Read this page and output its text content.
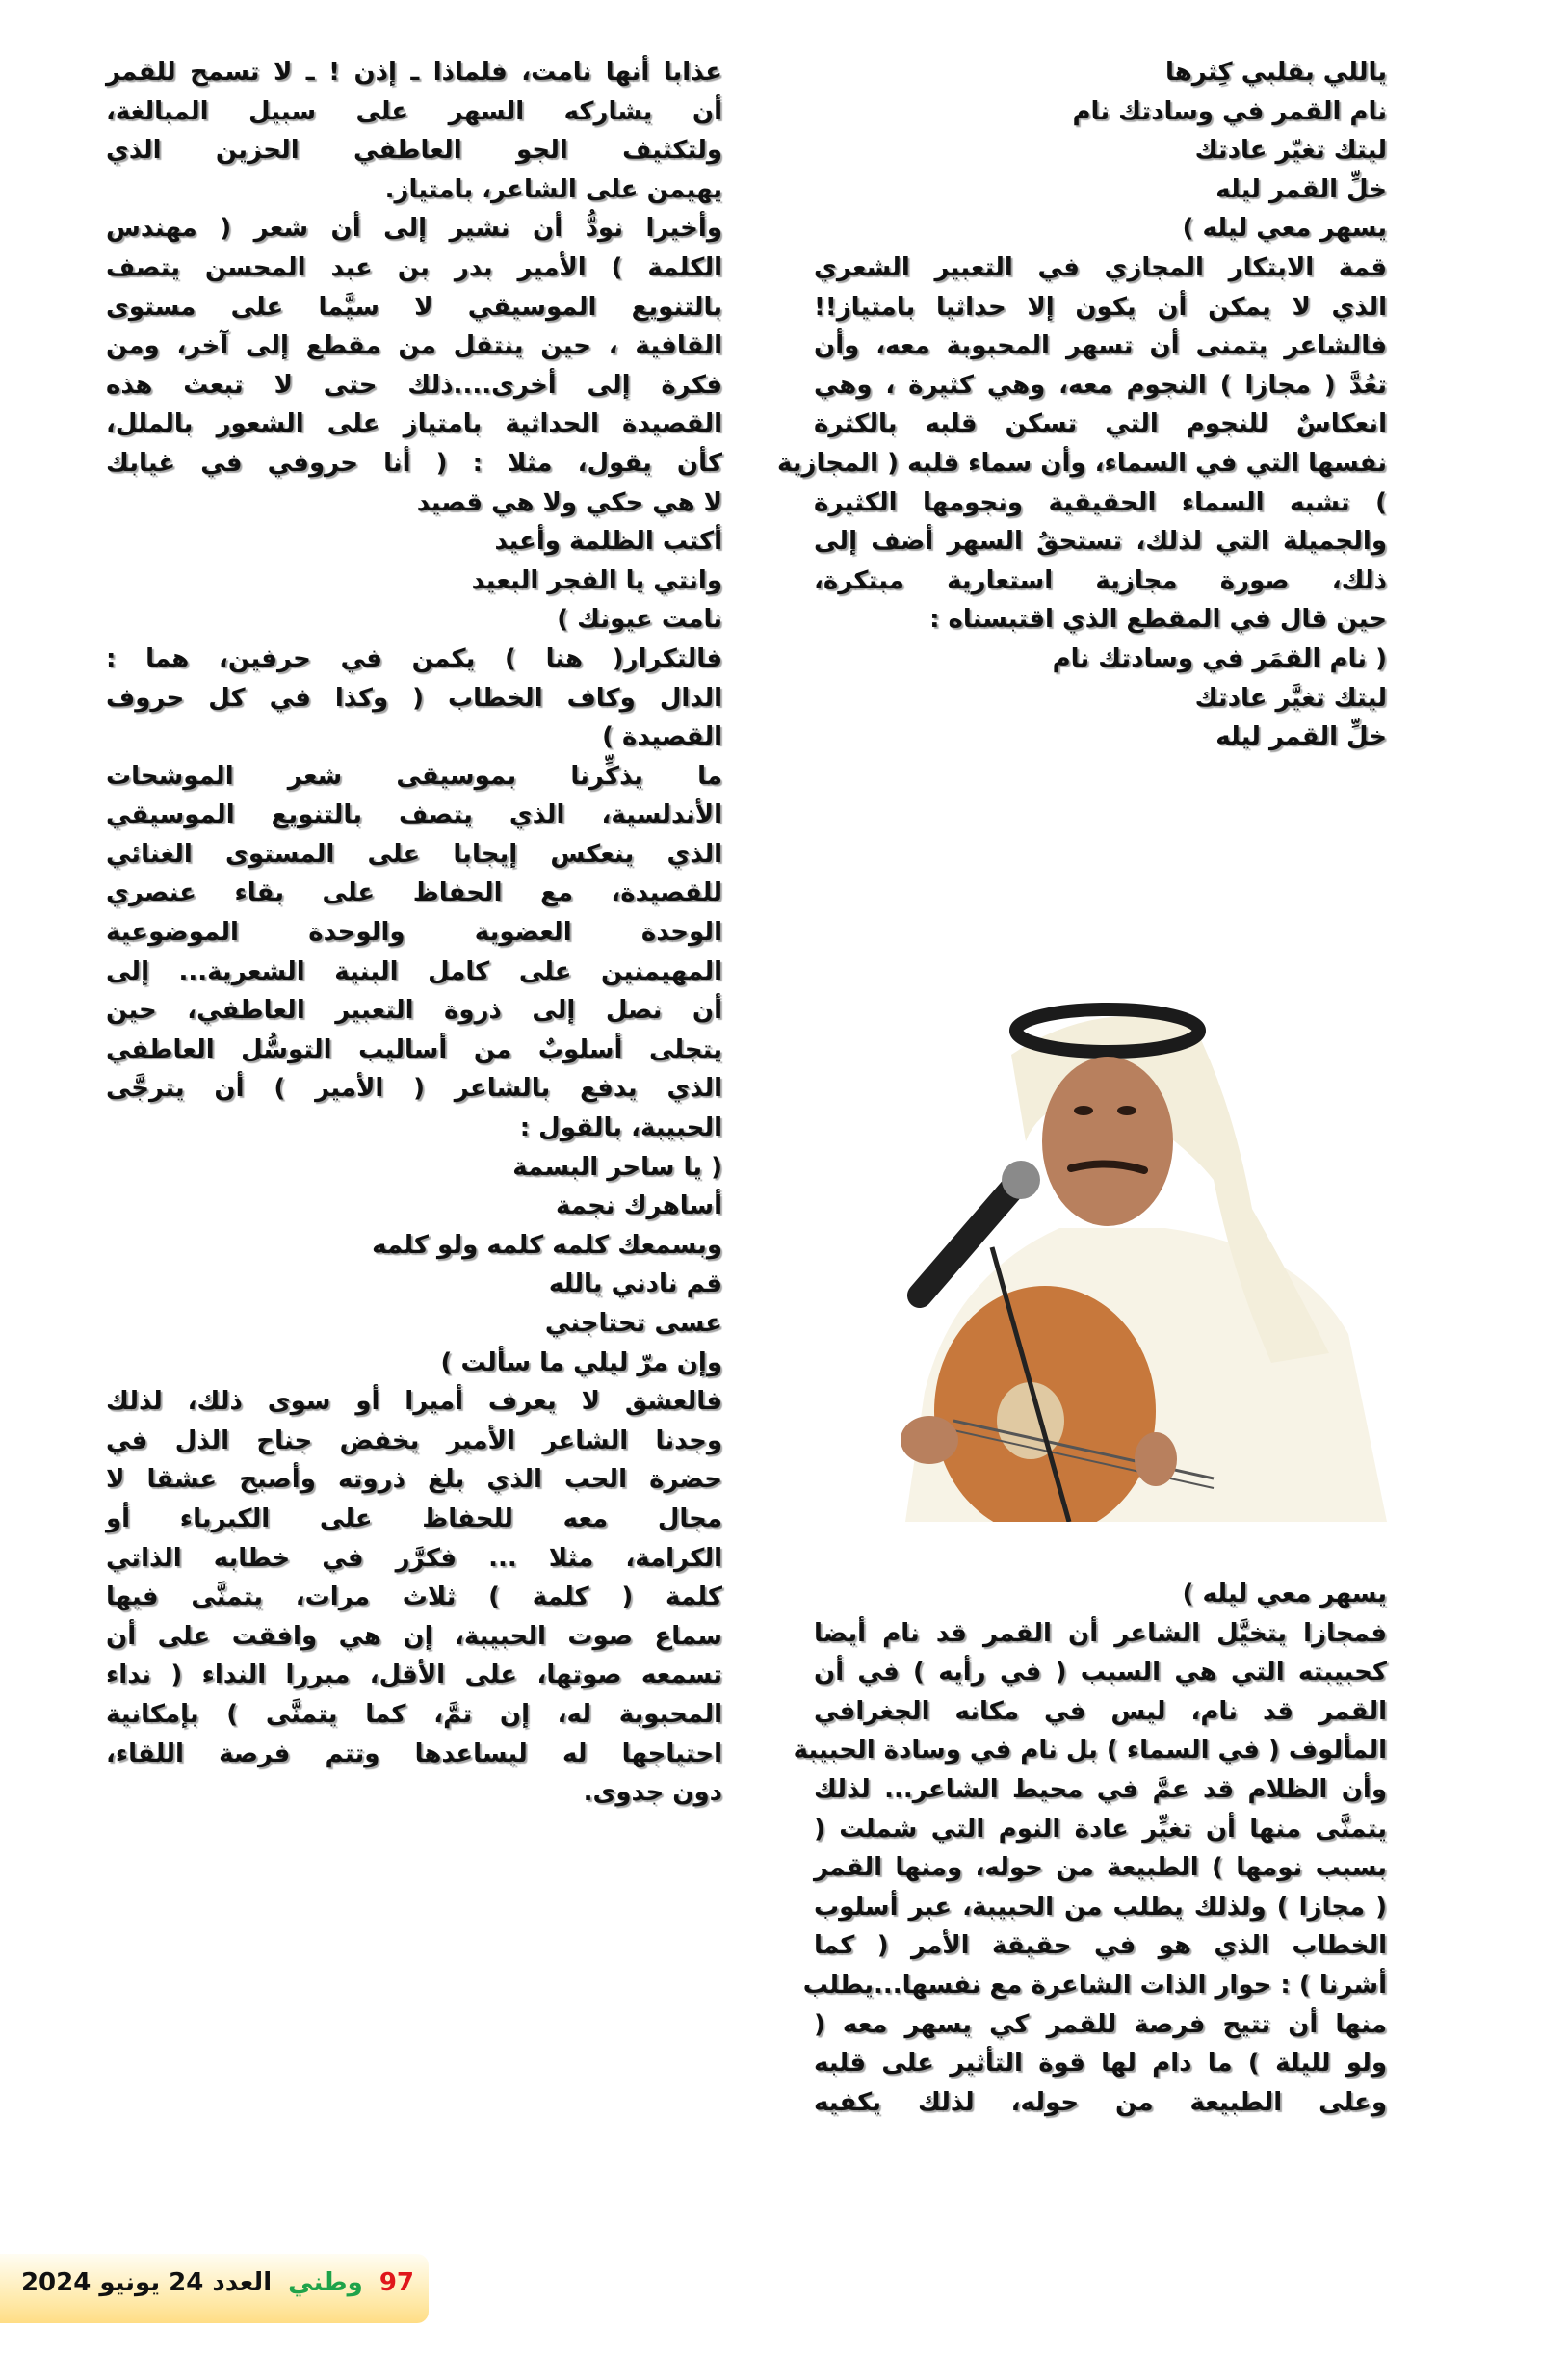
ياللي بقلبي كِثرها
نام القمر في وسادتك نام
ليتك تغيّر عادتك
خلِّ القمر ليله
يسهر معي ليله )
قمة الابتكار المجازي في التعبير الشعري
الذي لا يمكن أن يكون إلا حداثيا بامتياز!!
فالشاعر يتمنى أن تسهر المحبوبة معه، وأن
تعُدَّ ( مجازا ) النجوم معه، وهي كثيرة ، وهي
انعكاسٌ للنجوم التي تسكن قلبه بالكثرة
نفسها التي في السماء، وأن سماء قلبه ( المجازية
) تشبه السماء الحقيقية ونجومها الكثيرة
والجميلة التي لذلك، تستحقُ السهر أضف إلى
ذلك، صورة مجازية استعارية مبتكرة،
حين قال في المقطع الذي اقتبسناه :
( نام القمَر في وسادتك نام
ليتك تغيَّر عادتك
خلِّ القمر ليله
يسهر معي ليله )
فمجازا يتخيَّل الشاعر أن القمر قد نام أيضا
كحبيبته التي هي السبب ( في رأيه ) في أن
القمر قد نام، ليس في مكانه الجغرافي
المألوف ( في السماء ) بل نام في وسادة الحبيبة
وأن الظلام قد عمَّ في محيط الشاعر... لذلك
يتمنَّى منها أن تغيِّر عادة النوم التي شملت (
بسبب نومها ) الطبيعة من حوله، ومنها القمر
( مجازا ) ولذلك يطلب من الحبيبة، عبر أسلوب
الخطاب الذي هو في حقيقة الأمر ( كما
أشرنا ) : حوار الذات الشاعرة مع نفسها...يطلب
منها أن تتيح فرصة للقمر كي يسهر معه (
ولو لليلة ) ما دام لها قوة التأثير على قلبه
وعلى الطبيعة من حوله، لذلك يكفيه
عذابا أنها نامت، فلماذا ـ إذن ! ـ لا تسمح للقمر
أن يشاركه السهر على سبيل المبالغة،
ولتكثيف الجو العاطفي الحزين الذي
يهيمن على الشاعر، بامتياز.
وأخيرا نودُّ أن نشير إلى أن شعر ( مهندس
الكلمة ) الأمير بدر بن عبد المحسن يتصف
بالتنويع الموسيقي لا سيَّما على مستوى
القافية ، حين ينتقل من مقطع إلى آخر، ومن
فكرة إلى أخرى....ذلك حتى لا تبعث هذه
القصيدة الحداثية بامتياز على الشعور بالملل،
كأن يقول، مثلا : ( أنا حروفي في غيابك
لا هي حكي ولا هي قصيد
أكتب الظلمة وأعيد
وانتي يا الفجر البعيد
نامت عيونك )
فالتكرار( هنا ) يكمن في حرفين، هما :
الدال وكاف الخطاب ( وكذا في كل حروف
القصيدة )
ما يذكِّرنا بموسيقى شعر الموشحات
الأندلسية، الذي يتصف بالتنويع الموسيقي
الذي ينعكس إيجابا على المستوى الغنائي
للقصيدة، مع الحفاظ على بقاء عنصري
الوحدة العضوية والوحدة الموضوعية
المهيمنين على كامل البنية الشعرية... إلى
أن نصل إلى ذروة التعبير العاطفي، حين
يتجلى أسلوبٌ من أساليب التوسُّل العاطفي
الذي يدفع بالشاعر ( الأمير ) أن يترجَّى
الحبيبة، بالقول :
( يا ساحر البسمة
أساهرك نجمة
وبسمعك كلمه كلمه ولو كلمه
قم نادني يالله
عسى تحتاجني
وإن مرّ ليلي ما سألت )
فالعشق لا يعرف أميرا أو سوى ذلك، لذلك
وجدنا الشاعر الأمير يخفض جناح الذل في
حضرة الحب الذي بلغ ذروته وأصبح عشقا لا
مجال معه للحفاظ على الكبرياء أو
الكرامة، مثلا ... فكرَّر في خطابه الذاتي
كلمة ( كلمة ) ثلاث مرات، يتمنَّى فيها
سماع صوت الحبيبة، إن هي وافقت على أن
تسمعه صوتها، على الأقل، مبررا النداء ( نداء
المحبوبة له، إن تمَّ، كما يتمنَّى ) بإمكانية
احتياجها له ليساعدها وتتم فرصة اللقاء،
دون جدوى.
97 وطني العدد 24 يونيو 2024
